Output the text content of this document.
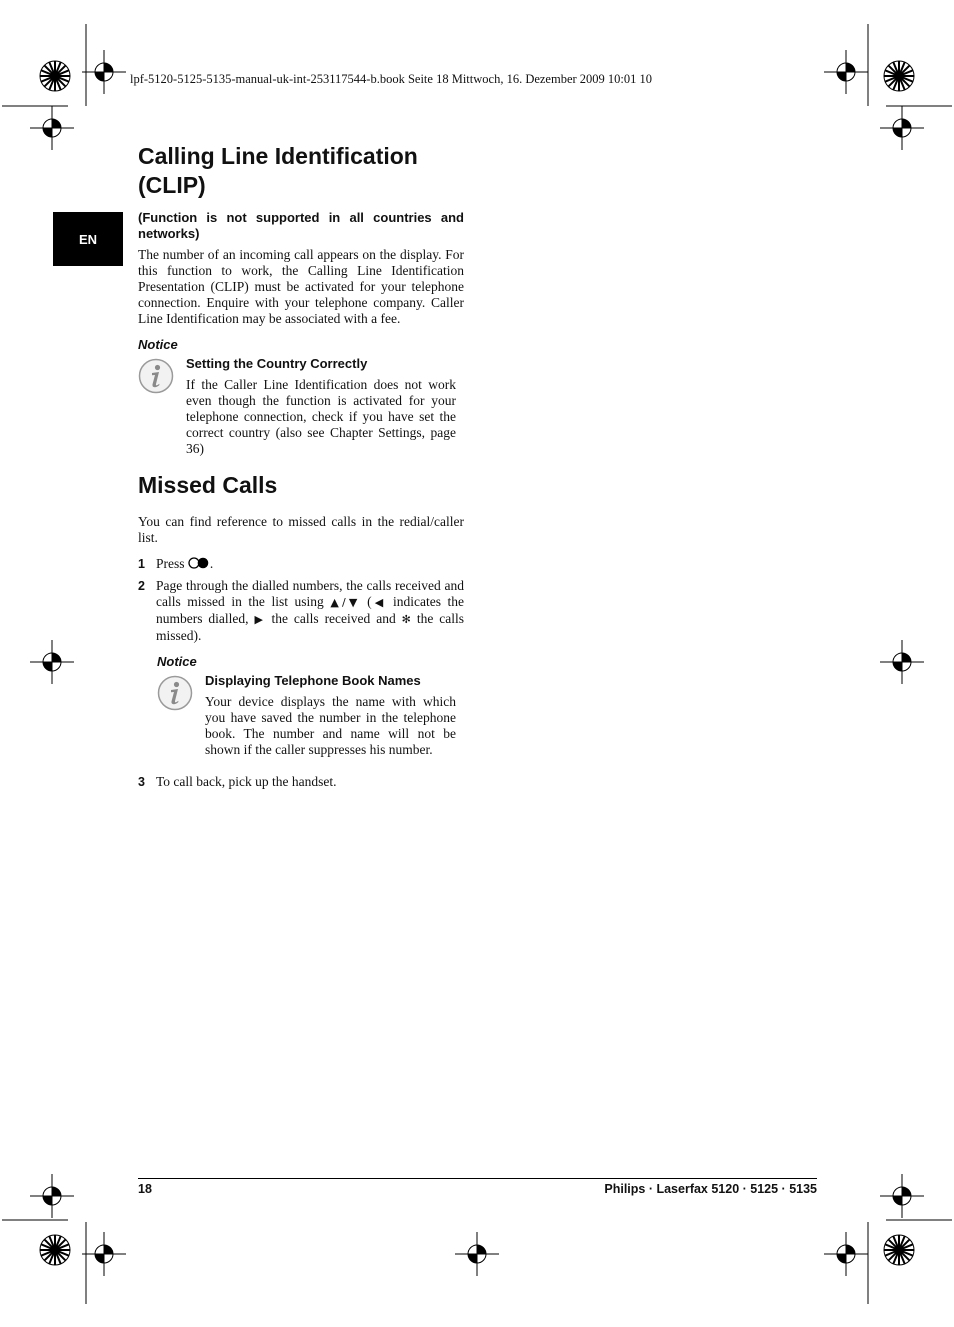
lpf-5120-5125-5135-manual-uk-int-253117544-b.book Seite 18 Mittwoch, 16. Dezember 2009 10:01 10
EN
Calling Line Identification (CLIP)
(Function is not supported in all countries and networks)

The number of an incoming call appears on the display. For this function to work, the Calling Line Identification Presentation (CLIP) must be activated for your telephone connection. Enquire with your telephone company. Caller Line Identification may be associated with a fee.

Notice
Setting the Country Correctly

If the Caller Line Identification does not work even though the function is activated for your telephone connection, check if you have set the correct country (also see Chapter Settings, page 36)

Missed Calls

You can find reference to missed calls in the redial/caller list.

1 Press .
2 Page through the dialled numbers, the calls received and calls missed in the list using ▲/▼ (◀ indicates the numbers dialled, ▶ the calls received and ✻ the calls missed).
Notice
Displaying Telephone Book Names

Your device displays the name with which you have saved the number in the telephone book. The number and name will not be shown if the caller suppresses his number.

3 To call back, pick up the handset.
18	Philips · Laserfax 5120 · 5125 · 5135
